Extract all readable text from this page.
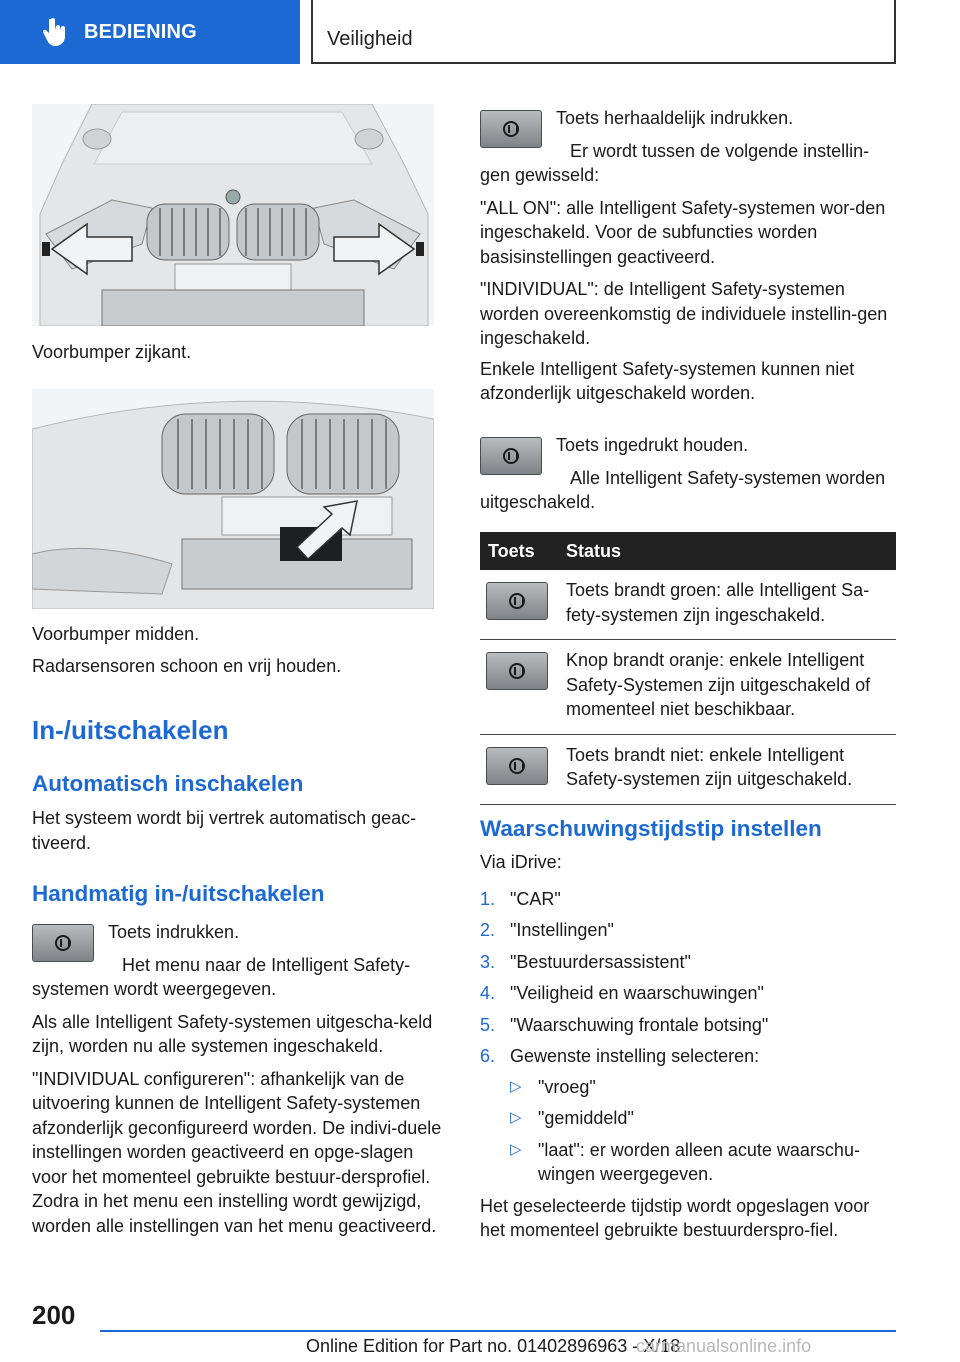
BEDIENING	Veiligheid

Voorbumper zijkant.

Voorbumper midden.

Radarsensoren schoon en vrij houden.

In-/uitschakelen
Automatisch inschakelen

Het systeem wordt bij vertrek automatisch geac-tiveerd.

Handmatig in-/uitschakelen

Toets indrukken.

Het menu naar de Intelligent Safety-systemen wordt weergegeven.

Als alle Intelligent Safety-systemen uitgescha-keld zijn, worden nu alle systemen ingeschakeld.

"INDIVIDUAL configureren": afhankelijk van de uitvoering kunnen de Intelligent Safety-systemen afzonderlijk geconfigureerd worden. De indivi-duele instellingen worden geactiveerd en opge-slagen voor het momenteel gebruikte bestuur-dersprofiel. Zodra in het menu een instelling wordt gewijzigd, worden alle instellingen van het menu geactiveerd.

Toets herhaaldelijk indrukken.

Er wordt tussen de volgende instellin-gen gewisseld:

"ALL ON": alle Intelligent Safety-systemen wor-den ingeschakeld. Voor de subfuncties worden basisinstellingen geactiveerd.

"INDIVIDUAL": de Intelligent Safety-systemen worden overeenkomstig de individuele instellin-gen ingeschakeld.

Enkele Intelligent Safety-systemen kunnen niet afzonderlijk uitgeschakeld worden.

Toets ingedrukt houden.

Alle Intelligent Safety-systemen worden uitgeschakeld.

Toets	Status

	Toets brandt groen: alle Intelligent Sa-fety-systemen zijn ingeschakeld.

	Knop brandt oranje: enkele Intelligent Safety-Systemen zijn uitgeschakeld of momenteel niet beschikbaar.

	Toets brandt niet: enkele Intelligent Safety-systemen zijn uitgeschakeld.
Waarschuwingstijdstip instellen

Via iDrive:

1. "CAR"
2. "Instellingen"
3. "Bestuurdersassistent"
4. "Veiligheid en waarschuwingen"
5. "Waarschuwing frontale botsing"
6. Gewenste instelling selecteren:
▷ "vroeg"
▷ "gemiddeld"
▷ "laat": er worden alleen acute waarschu-wingen weergegeven.

Het geselecteerde tijdstip wordt opgeslagen voor het momenteel gebruikte bestuurderspro-fiel.

200
Online Edition for Part no. 01402896963 - X/18
carmanualsonline.info
